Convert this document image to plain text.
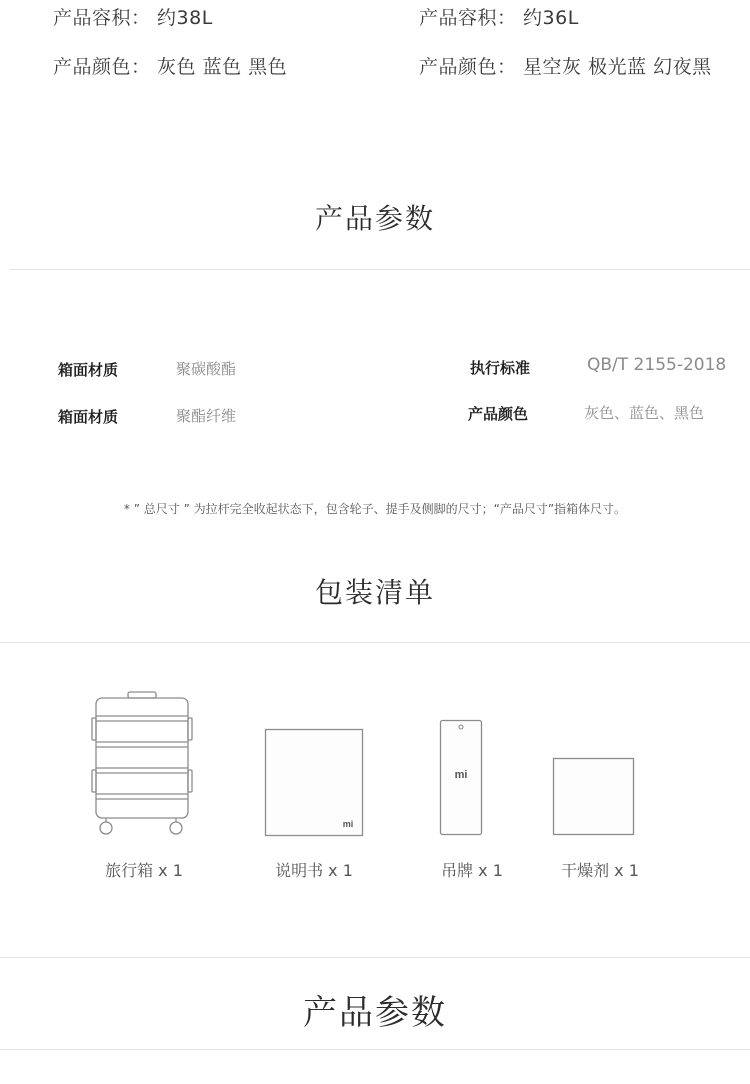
产品容积： 约38L
产品颜色： 灰色 蓝色 黑色
产品容积： 约36L
产品颜色： 星空灰 极光蓝 幻夜黑
产品参数
箱面材质	聚碳酸酯	执行标准	QB/T 2155-2018
箱面材质	聚酯纤维	产品颜色	灰色、蓝色、黑色
* ” 总尺寸 ” 为拉杆完全收起状态下，包含轮子、提手及侧脚的尺寸；“产品尺寸”指箱体尺寸。
包装清单
旅行箱 x 1
mi
说明书 x 1
mi
吊牌 x 1	干燥剂 x 1
产品参数
